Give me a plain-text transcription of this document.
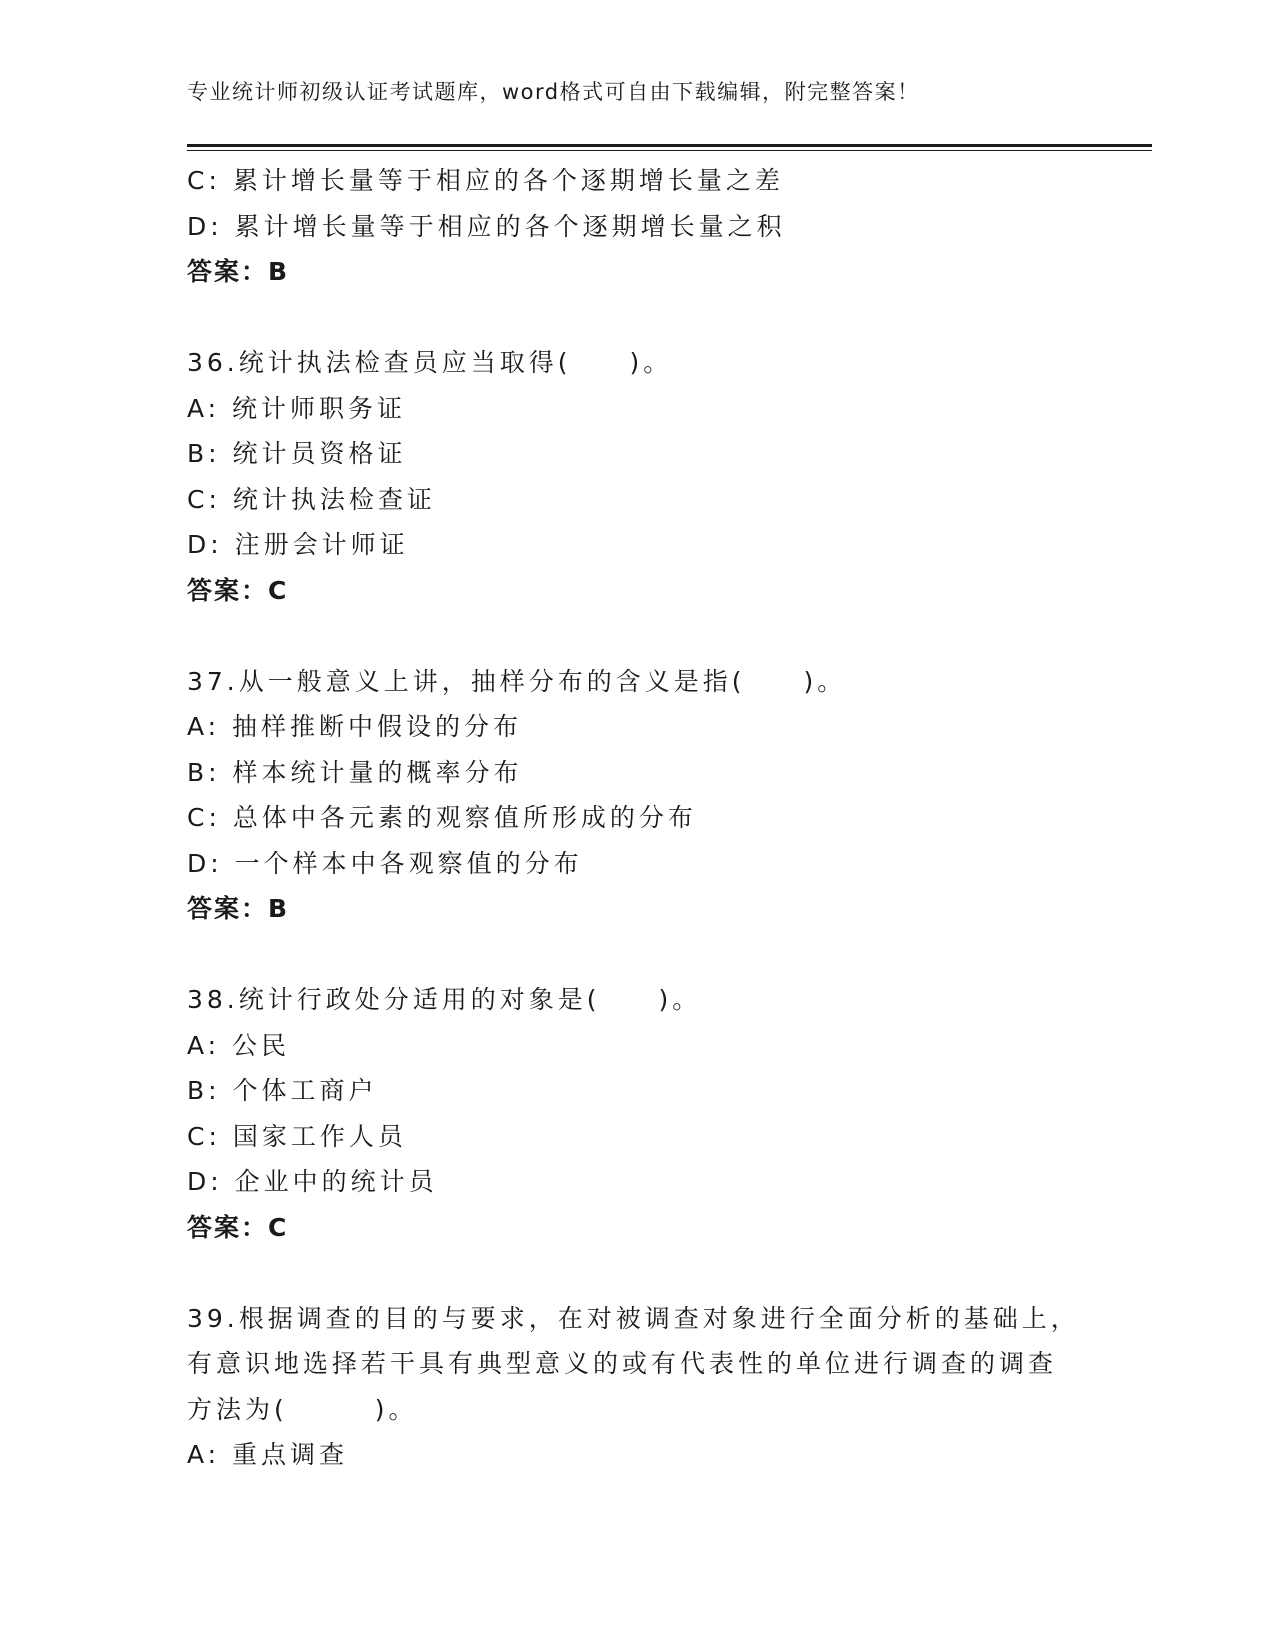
专业统计师初级认证考试题库，word格式可自由下载编辑，附完整答案！
C: 累计增长量等于相应的各个逐期增长量之差
D: 累计增长量等于相应的各个逐期增长量之积
答案：B
36.统计执法检查员应当取得(　　)。
A: 统计师职务证
B: 统计员资格证
C: 统计执法检查证
D: 注册会计师证
答案：C
37.从一般意义上讲，抽样分布的含义是指(　　)。
A: 抽样推断中假设的分布
B: 样本统计量的概率分布
C: 总体中各元素的观察值所形成的分布
D: 一个样本中各观察值的分布
答案：B
38.统计行政处分适用的对象是(　　)。
A: 公民
B: 个体工商户
C: 国家工作人员
D: 企业中的统计员
答案：C
39.根据调查的目的与要求，在对被调查对象进行全面分析的基础上，
有意识地选择若干具有典型意义的或有代表性的单位进行调查的调查
方法为(　　　)。
A: 重点调查
